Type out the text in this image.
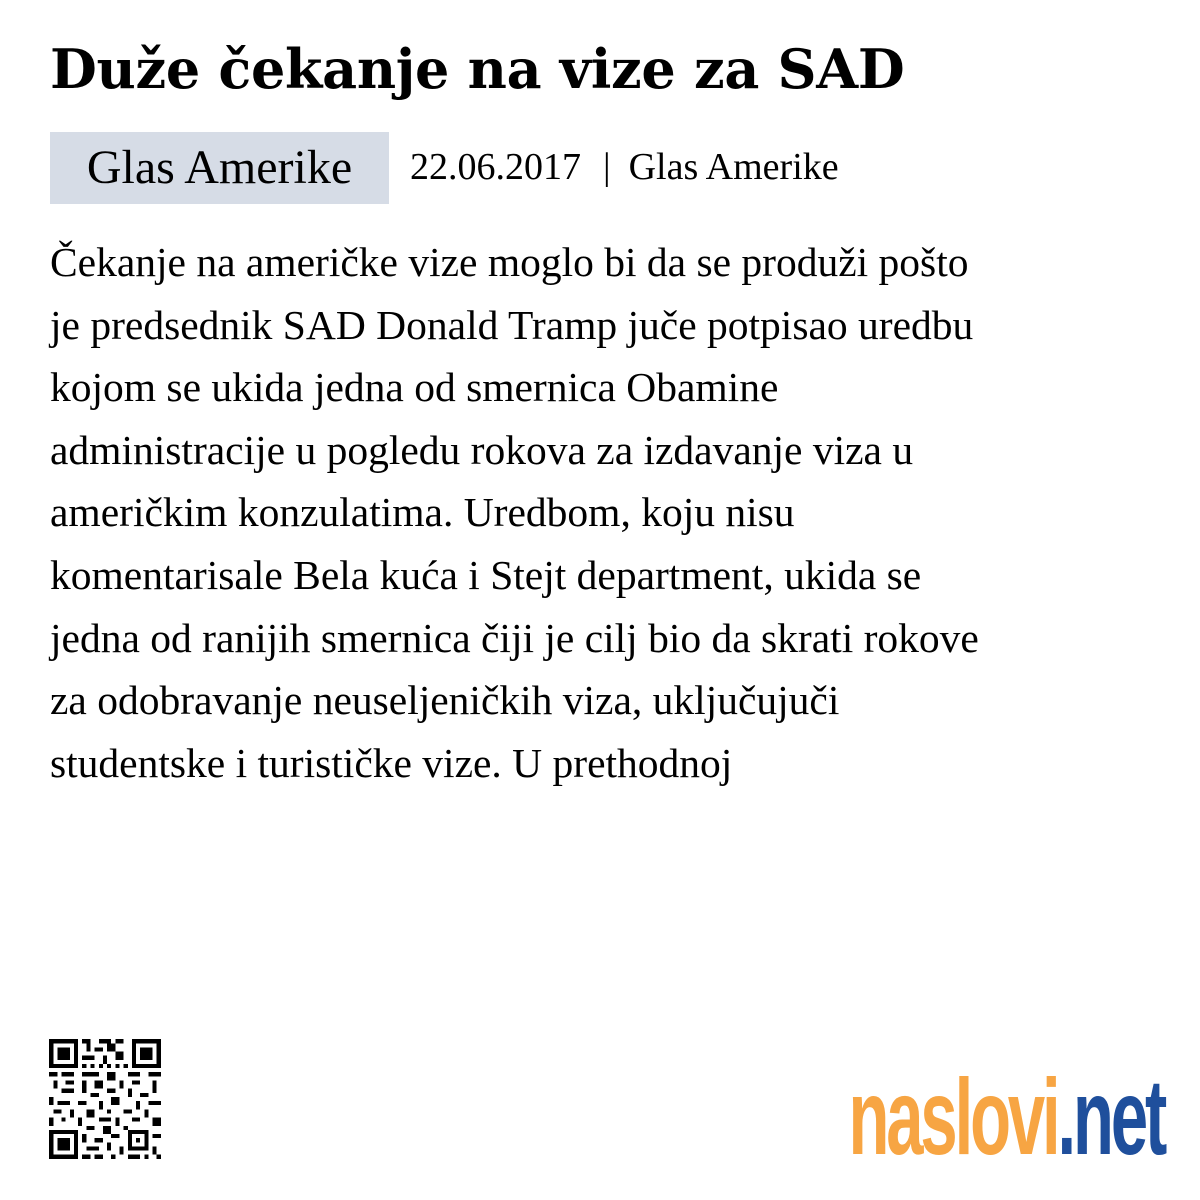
Duže čekanje na vize za SAD
Glas Amerike	22.06.2017 | Glas Amerike

Čekanje na američke vize moglo bi da se produži pošto
je predsednik SAD Donald Tramp juče potpisao uredbu
kojom se ukida jedna od smernica Obamine
administracije u pogledu rokova za izdavanje viza u
američkim konzulatima. Uredbom, koju nisu
komentarisale Bela kuća i Stejt department, ukida se
jedna od ranijih smernica čiji je cilj bio da skrati rokove
za odobravanje neuseljeničkih viza, uključujuči
studentske i turističke vize. U prethodnoj

naslovi.net
